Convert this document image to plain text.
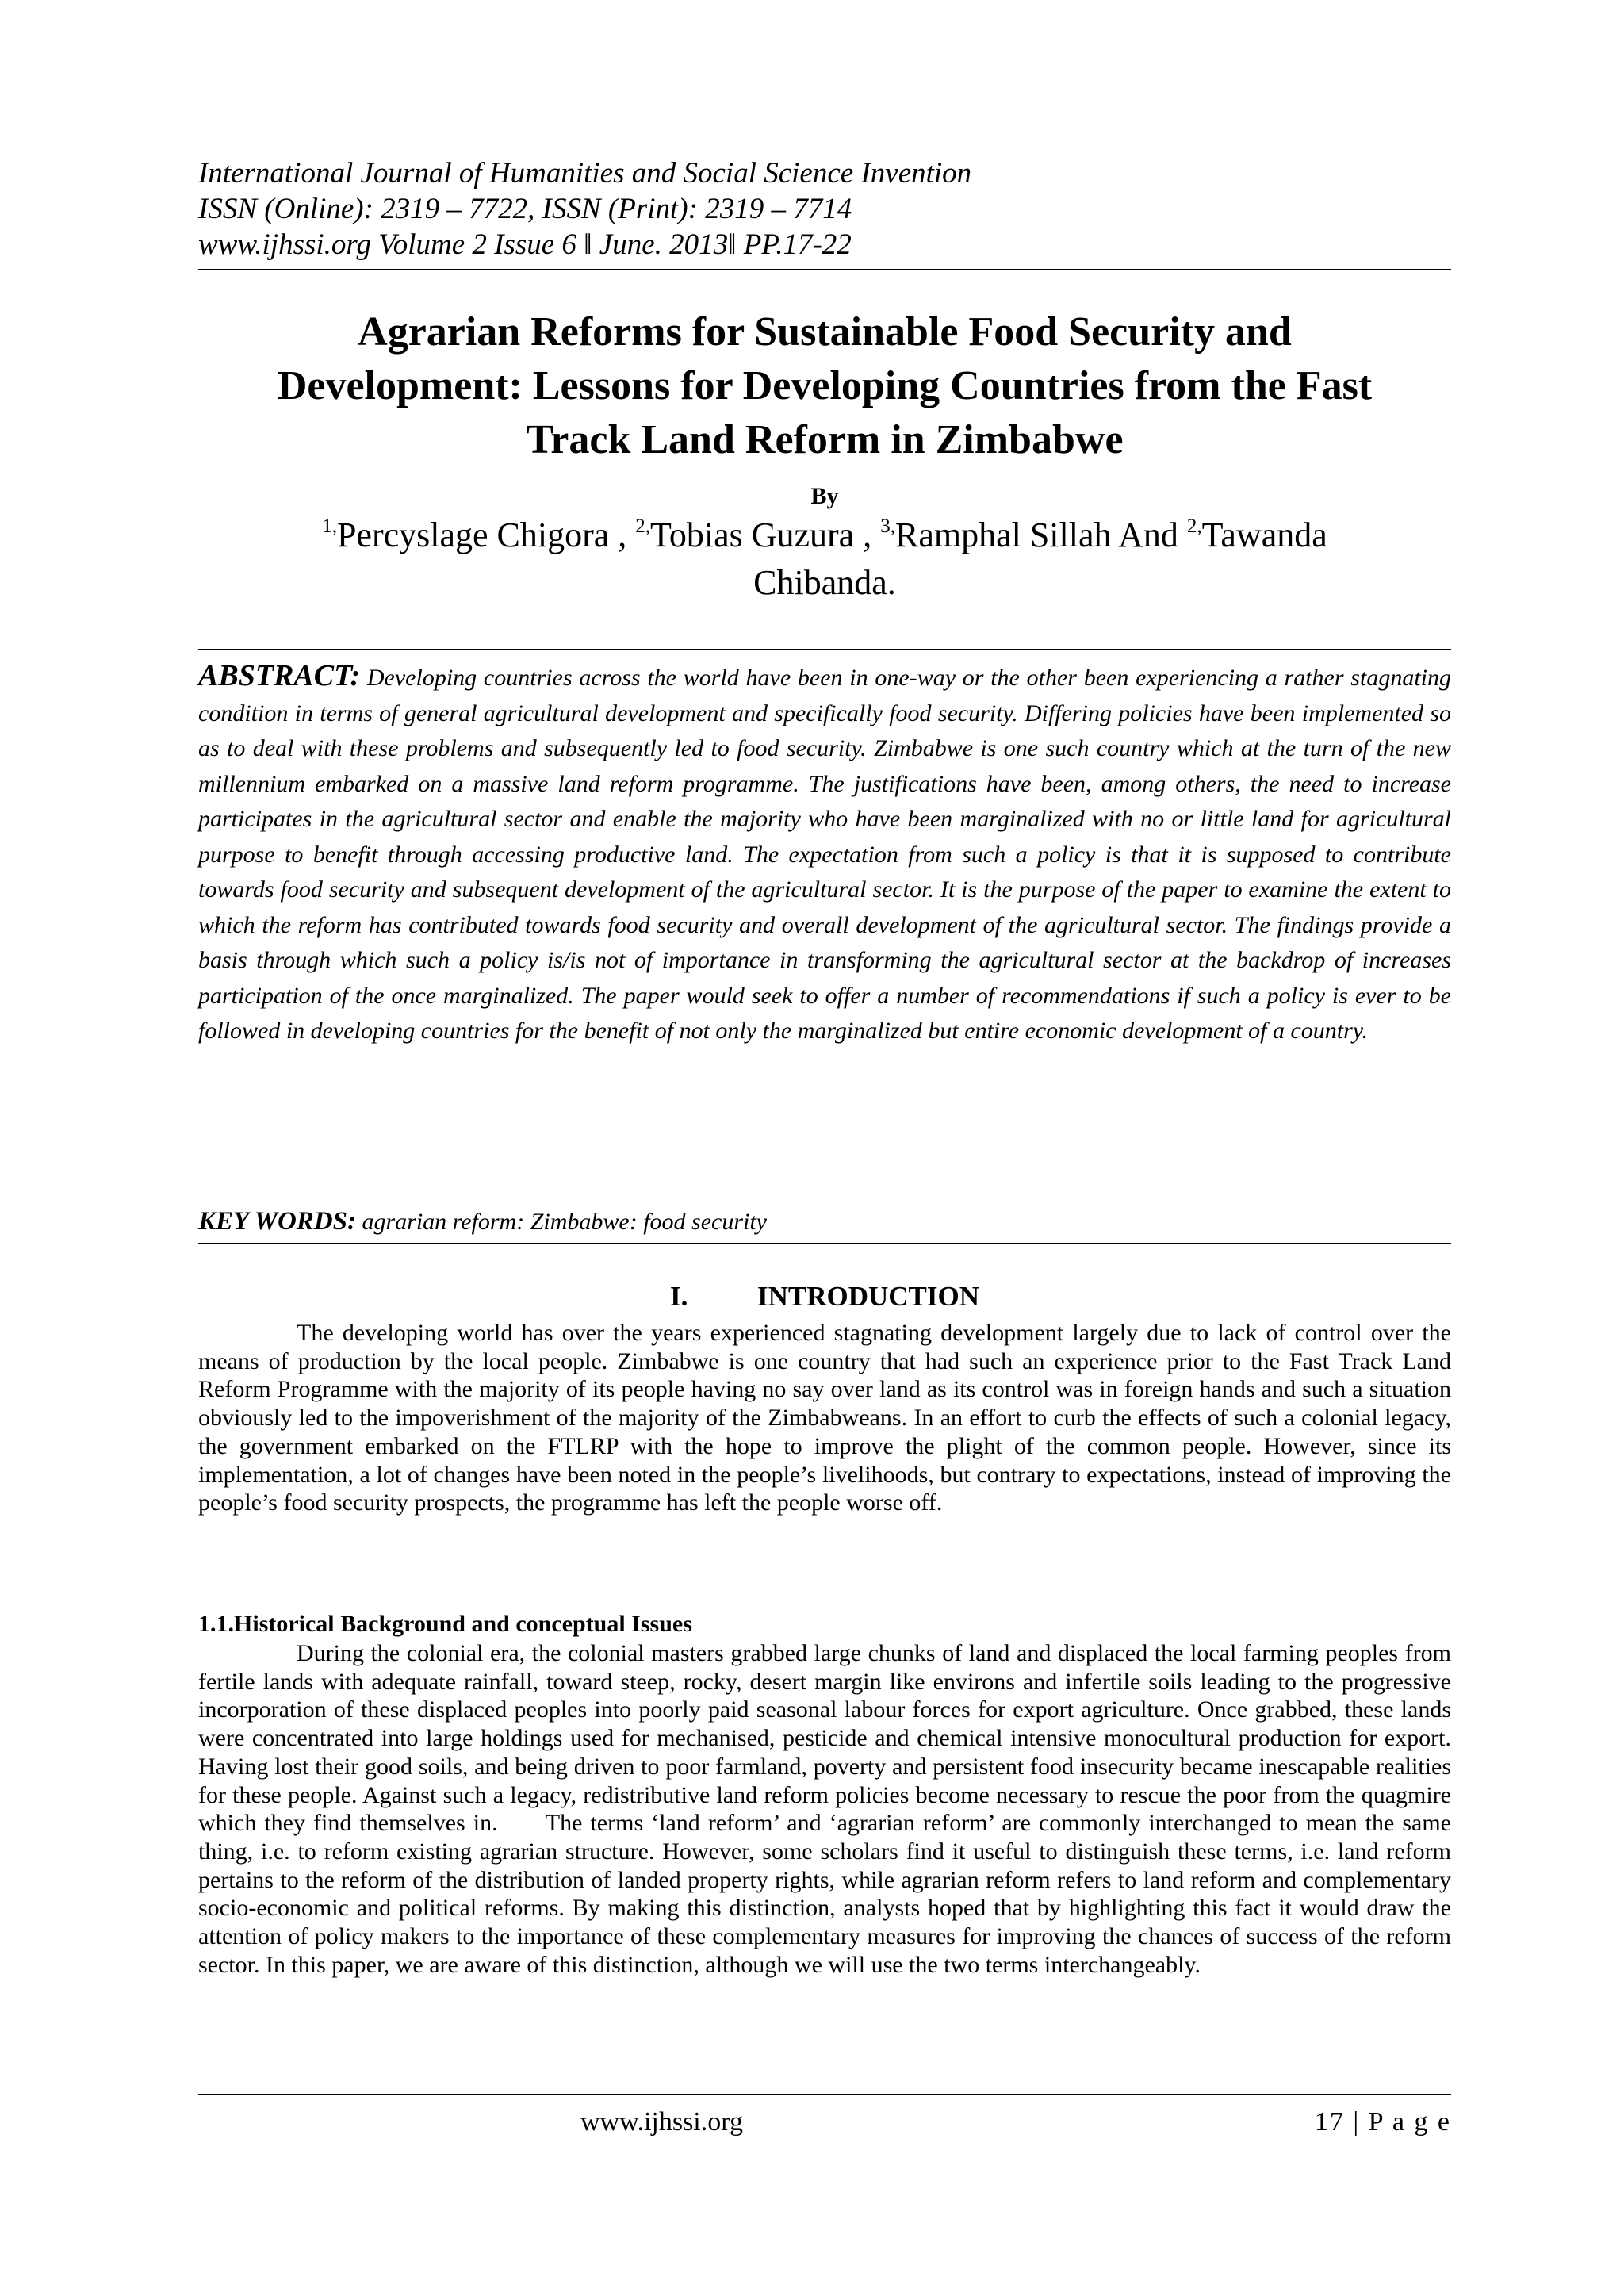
International Journal of Humanities and Social Science Invention
ISSN (Online): 2319 – 7722, ISSN (Print): 2319 – 7714
www.ijhssi.org Volume 2 Issue 6 ‖ June. 2013‖ PP.17-22
Agrarian Reforms for Sustainable Food Security and
Development: Lessons for Developing Countries from the Fast
Track Land Reform in Zimbabwe
By
$^{1,}$Percyslage Chigora , $^{2,}$Tobias Guzura , $^{3,}$Ramphal Sillah And $^{2,}$Tawanda
Chibanda.
ABSTRACT: Developing countries across the world have been in one-way or the other been experiencing a rather stagnating condition in terms of general agricultural development and specifically food security. Differing policies have been implemented so as to deal with these problems and subsequently led to food security. Zimbabwe is one such country which at the turn of the new millennium embarked on a massive land reform programme. The justifications have been, among others, the need to increase participates in the agricultural sector and enable the majority who have been marginalized with no or little land for agricultural purpose to benefit through accessing productive land. The expectation from such a policy is that it is supposed to contribute towards food security and subsequent development of the agricultural sector. It is the purpose of the paper to examine the extent to which the reform has contributed towards food security and overall development of the agricultural sector. The findings provide a basis through which such a policy is/is not of importance in transforming the agricultural sector at the backdrop of increases participation of the once marginalized. The paper would seek to offer a number of recommendations if such a policy is ever to be followed in developing countries for the benefit of not only the marginalized but entire economic development of a country.
KEY WORDS: agrarian reform: Zimbabwe: food security
I.	INTRODUCTION

The developing world has over the years experienced stagnating development largely due to lack of control over the means of production by the local people. Zimbabwe is one country that had such an experience prior to the Fast Track Land Reform Programme with the majority of its people having no say over land as its control was in foreign hands and such a situation obviously led to the impoverishment of the majority of the Zimbabweans. In an effort to curb the effects of such a colonial legacy, the government embarked on the FTLRP with the hope to improve the plight of the common people. However, since its implementation, a lot of changes have been noted in the people’s livelihoods, but contrary to expectations, instead of improving the people’s food security prospects, the programme has left the people worse off.

1.1.Historical Background and conceptual Issues

During the colonial era, the colonial masters grabbed large chunks of land and displaced the local farming peoples from fertile lands with adequate rainfall, toward steep, rocky, desert margin like environs and infertile soils leading to the progressive incorporation of these displaced peoples into poorly paid seasonal labour forces for export agriculture. Once grabbed, these lands were concentrated into large holdings used for mechanised, pesticide and chemical intensive monocultural production for export. Having lost their good soils, and being driven to poor farmland, poverty and persistent food insecurity became inescapable realities for these people. Against such a legacy, redistributive land reform policies become necessary to rescue the poor from the quagmire which they find themselves in.      The terms ‘land reform’ and ‘agrarian reform’ are commonly interchanged to mean the same thing, i.e. to reform existing agrarian structure. However, some scholars find it useful to distinguish these terms, i.e. land reform pertains to the reform of the distribution of landed property rights, while agrarian reform refers to land reform and complementary socio-economic and political reforms. By making this distinction, analysts hoped that by highlighting this fact it would draw the attention of policy makers to the importance of these complementary measures for improving the chances of success of the reform sector. In this paper, we are aware of this distinction, although we will use the two terms interchangeably.

www.ijhssi.org	17 | P a g e
